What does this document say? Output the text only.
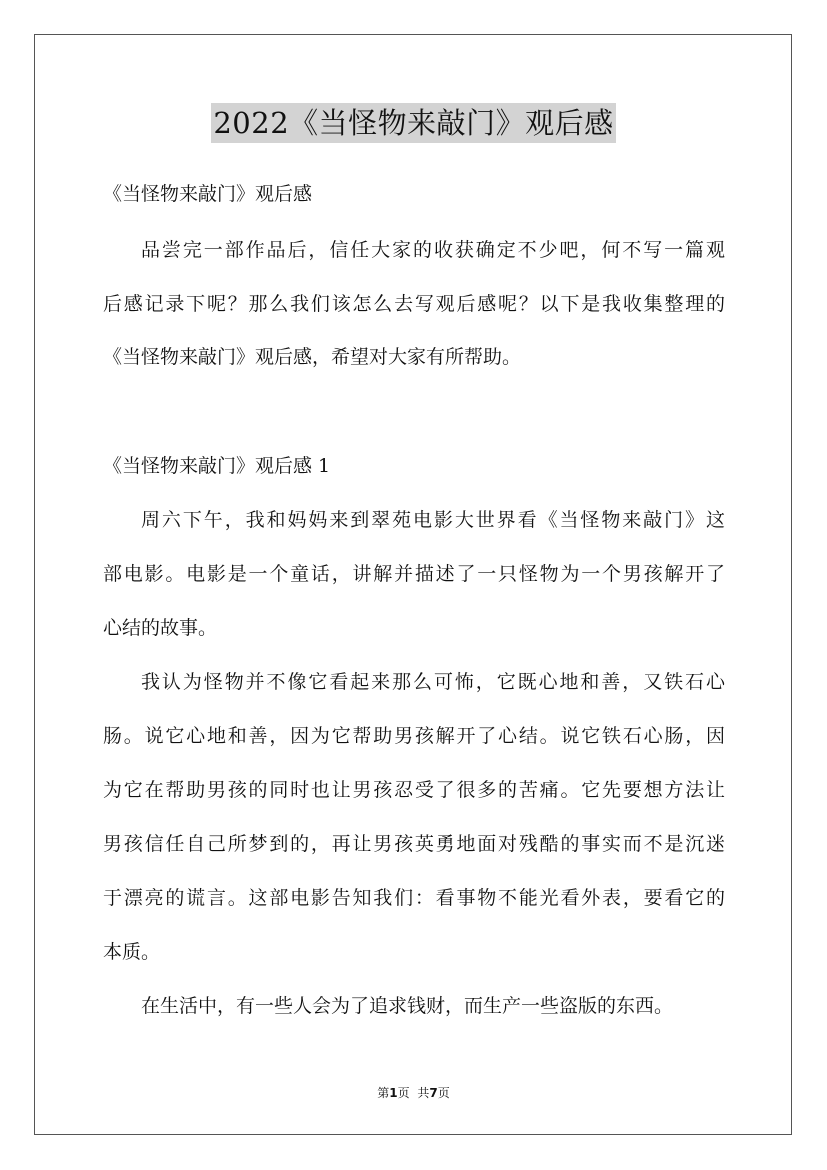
2022《当怪物来敲门》观后感
《当怪物来敲门》观后感
品尝完一部作品后，信任大家的收获确定不少吧，何不写一篇观
后感记录下呢？那么我们该怎么去写观后感呢？以下是我收集整理的
《当怪物来敲门》观后感，希望对大家有所帮助。
《当怪物来敲门》观后感 1
周六下午，我和妈妈来到翠苑电影大世界看《当怪物来敲门》这
部电影。电影是一个童话，讲解并描述了一只怪物为一个男孩解开了
心结的故事。
我认为怪物并不像它看起来那么可怖，它既心地和善，又铁石心
肠。说它心地和善，因为它帮助男孩解开了心结。说它铁石心肠，因
为它在帮助男孩的同时也让男孩忍受了很多的苦痛。它先要想方法让
男孩信任自己所梦到的，再让男孩英勇地面对残酷的事实而不是沉迷
于漂亮的谎言。这部电影告知我们：看事物不能光看外表，要看它的
本质。
在生活中，有一些人会为了追求钱财，而生产一些盗版的东西。
第1页 共7页
